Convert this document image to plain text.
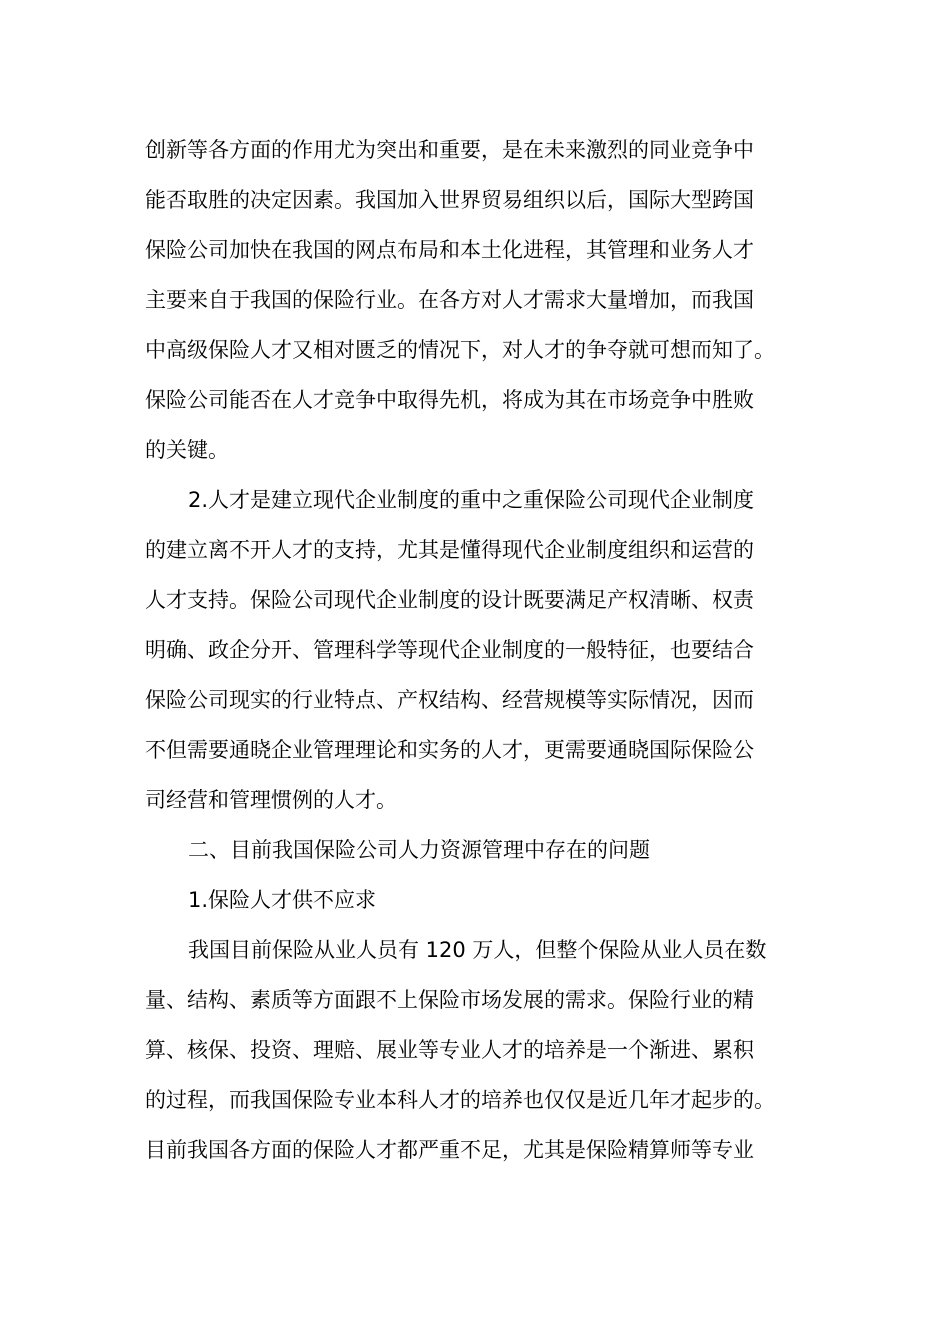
创新等各方面的作用尤为突出和重要，是在未来激烈的同业竞争中
能否取胜的决定因素。我国加入世界贸易组织以后，国际大型跨国
保险公司加快在我国的网点布局和本土化进程，其管理和业务人才
主要来自于我国的保险行业。在各方对人才需求大量增加，而我国
中高级保险人才又相对匮乏的情况下，对人才的争夺就可想而知了。
保险公司能否在人才竞争中取得先机，将成为其在市场竞争中胜败
的关键。
2.人才是建立现代企业制度的重中之重保险公司现代企业制度
的建立离不开人才的支持，尤其是懂得现代企业制度组织和运营的
人才支持。保险公司现代企业制度的设计既要满足产权清晰、权责
明确、政企分开、管理科学等现代企业制度的一般特征，也要结合
保险公司现实的行业特点、产权结构、经营规模等实际情况，因而
不但需要通晓企业管理理论和实务的人才，更需要通晓国际保险公
司经营和管理惯例的人才。
二、目前我国保险公司人力资源管理中存在的问题
1.保险人才供不应求
我国目前保险从业人员有 120 万人，但整个保险从业人员在数
量、结构、素质等方面跟不上保险市场发展的需求。保险行业的精
算、核保、投资、理赔、展业等专业人才的培养是一个渐进、累积
的过程，而我国保险专业本科人才的培养也仅仅是近几年才起步的。
目前我国各方面的保险人才都严重不足，尤其是保险精算师等专业
